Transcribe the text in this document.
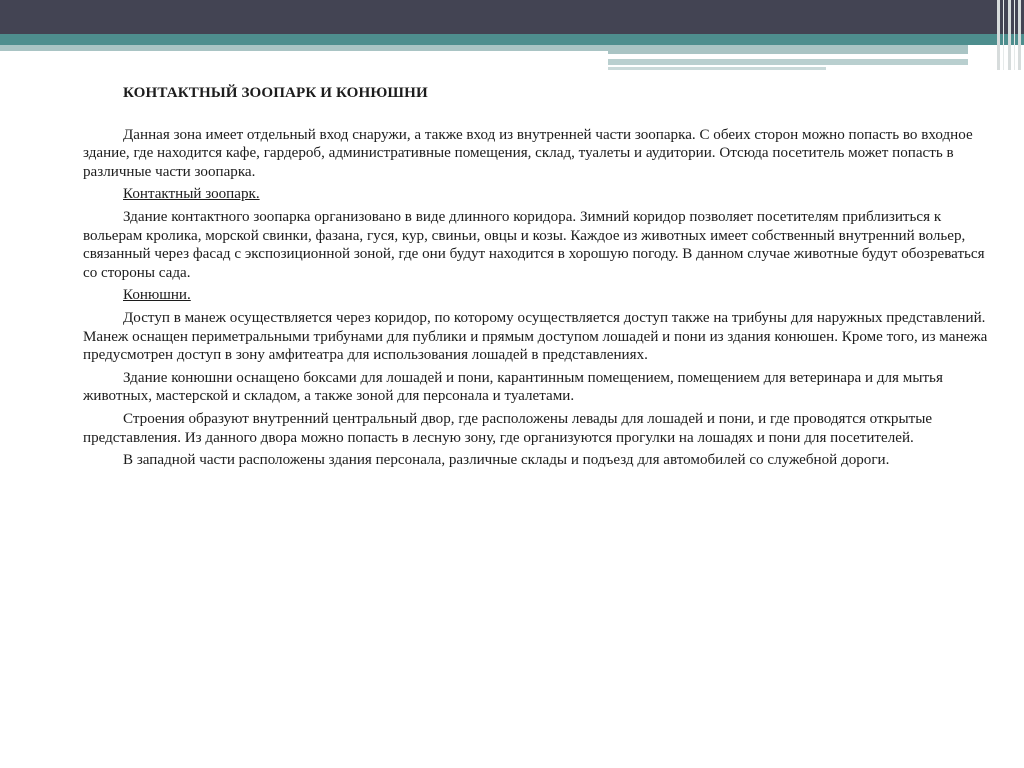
КОНТАКТНЫЙ ЗООПАРК И КОНЮШНИ

Данная зона имеет отдельный вход снаружи, а также вход из внутренней части зоопарка. С обеих сторон можно попасть во входное здание, где находится кафе, гардероб, административные помещения, склад, туалеты и аудитории. Отсюда посетитель может попасть в различные части зоопарка.

Контактный зоопарк.

Здание контактного зоопарка организовано в виде длинного коридора. Зимний коридор позволяет посетителям приблизиться к вольерам кролика, морской свинки, фазана, гуся, кур, свиньи, овцы и козы. Каждое из животных имеет собственный внутренний вольер, связанный через фасад с экспозиционной зоной, где они будут находится в хорошую погоду. В данном случае животные будут обозреваться со стороны сада.

Конюшни.

Доступ в манеж осуществляется через коридор, по которому осуществляется доступ также на трибуны для наружных представлений. Манеж оснащен периметральными трибунами для публики и прямым доступом лошадей и пони из здания конюшен. Кроме того, из манежа предусмотрен доступ в зону амфитеатра для использования лошадей в представлениях.

Здание конюшни оснащено боксами для лошадей и пони, карантинным помещением, помещением для ветеринара и для мытья животных, мастерской и складом, а также зоной для персонала и туалетами.

Строения образуют внутренний центральный двор, где расположены левады для лошадей и пони, и где проводятся открытые представления. Из данного двора можно попасть в лесную зону, где организуются прогулки на лошадях и пони для посетителей.

В западной части расположены здания персонала, различные склады и подъезд для автомобилей со служебной дороги.
